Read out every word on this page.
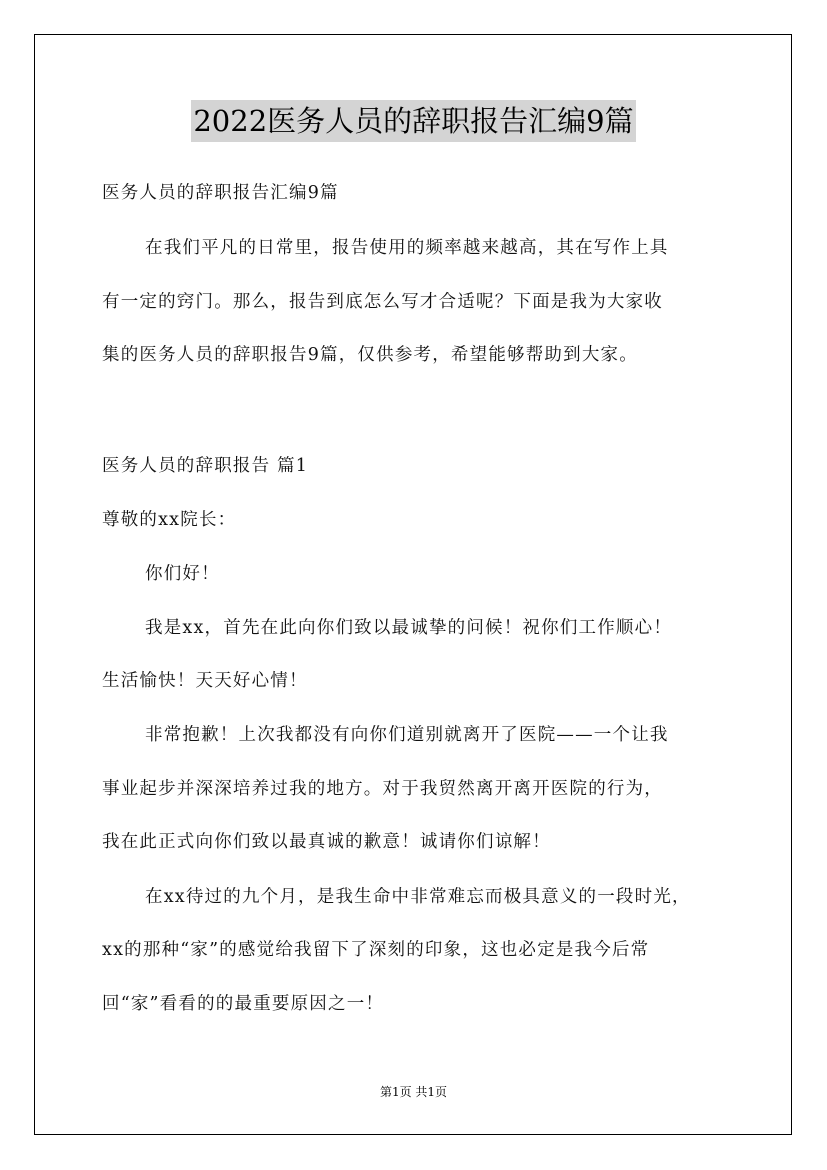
2022医务人员的辞职报告汇编9篇
医务人员的辞职报告汇编9篇
在我们平凡的日常里，报告使用的频率越来越高，其在写作上具
有一定的窍门。那么，报告到底怎么写才合适呢？下面是我为大家收
集的医务人员的辞职报告9篇，仅供参考，希望能够帮助到大家。
医务人员的辞职报告 篇1
尊敬的xx院长：
你们好！
我是xx，首先在此向你们致以最诚挚的问候！祝你们工作顺心！
生活愉快！天天好心情！
非常抱歉！上次我都没有向你们道别就离开了医院——一个让我
事业起步并深深培养过我的地方。对于我贸然离开离开医院的行为，
我在此正式向你们致以最真诚的歉意！诚请你们谅解！
在xx待过的九个月，是我生命中非常难忘而极具意义的一段时光，
xx的那种“家”的感觉给我留下了深刻的印象，这也必定是我今后常
回“家”看看的的最重要原因之一！
第1页 共1页
